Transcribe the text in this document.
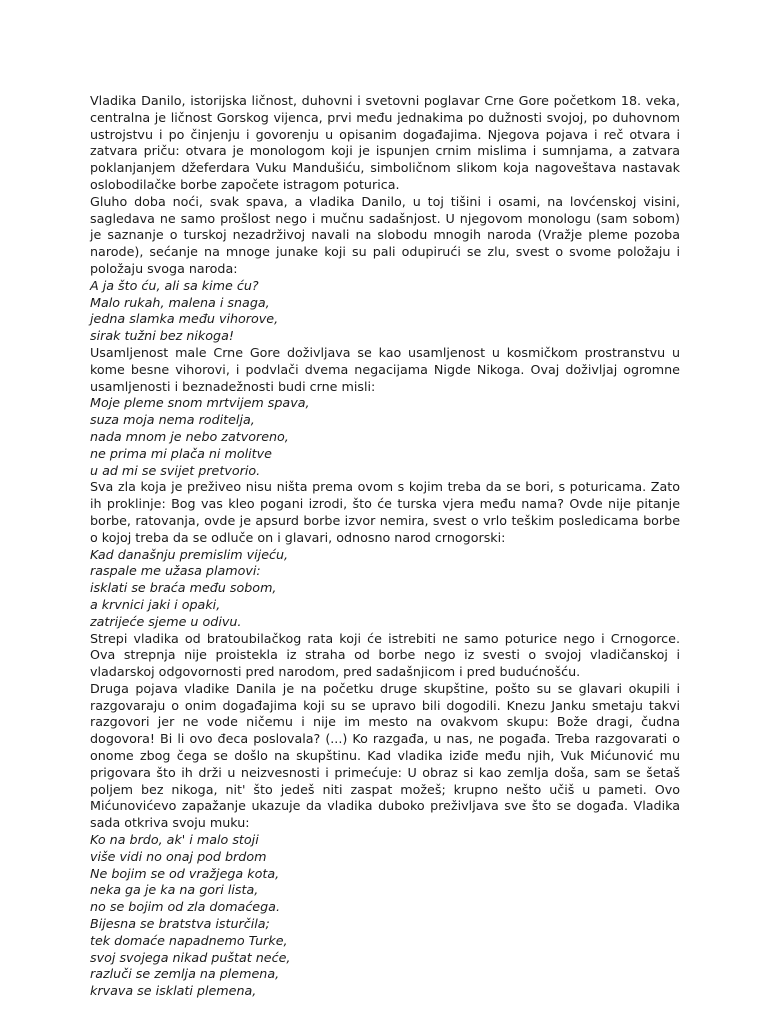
Vladika Danilo, istorijska ličnost, duhovni i svetovni poglavar Crne Gore početkom 18. veka, centralna je ličnost Gorskog vijenca, prvi među jednakima po dužnosti svojoj, po duhovnom ustrojstvu i po činjenju i govorenju u opisanim događajima. Njegova pojava i reč otvara i zatvara priču: otvara je monologom koji je ispunjen crnim mislima i sumnjama, a zatvara poklanjanjem džeferdara Vuku Mandušiću, simboličnom slikom koja nagoveštava nastavak oslobodilačke borbe započete istragom poturica.

Gluho doba noći, svak spava, a vladika Danilo, u toj tišini i osami, na lovćenskoj visini, sagledava ne samo prošlost nego i mučnu sadašnjost. U njegovom monologu (sam sobom) je saznanje o turskoj nezadrživoj navali na slobodu mnogih naroda (Vražje pleme pozoba narode), sećanje na mnoge junake koji su pali odupirući se zlu, svest o svome položaju i položaju svoga naroda:

A ja što ću, ali sa kime ću?
Malo rukah, malena i snaga,
jedna slamka među vihorove,
sirak tužni bez nikoga!

Usamljenost male Crne Gore doživljava se kao usamljenost u kosmičkom prostranstvu u kome besne vihorovi, i podvlači dvema negacijama Nigde Nikoga. Ovaj doživljaj ogromne usamljenosti i beznadežnosti budi crne misli:

Moje pleme snom mrtvijem spava,
suza moja nema roditelja,
nada mnom je nebo zatvoreno,
ne prima mi plača ni molitve
u ad mi se svijet pretvorio.

Sva zla koja je preživeo nisu ništa prema ovom s kojim treba da se bori, s poturicama. Zato ih proklinje: Bog vas kleo pogani izrodi, što će turska vjera među nama? Ovde nije pitanje borbe, ratovanja, ovde je apsurd borbe izvor nemira, svest o vrlo teškim posledicama borbe o kojoj treba da se odluče on i glavari, odnosno narod crnogorski:

Kad današnju premislim vijeću,
raspale me užasa plamovi:
isklati se braća među sobom,
a krvnici jaki i opaki,
zatrijeće sjeme u odivu.

Strepi vladika od bratoubilačkog rata koji će istrebiti ne samo poturice nego i Crnogorce. Ova strepnja nije proistekla iz straha od borbe nego iz svesti o svojoj vladičanskoj i vladarskoj odgovornosti pred narodom, pred sadašnjicom i pred budućnošću.

Druga pojava vladike Danila je na početku druge skupštine, pošto su se glavari okupili i razgovaraju o onim događajima koji su se upravo bili dogodili. Knezu Janku smetaju takvi razgovori jer ne vode ničemu i nije im mesto na ovakvom skupu: Bože dragi, čudna dogovora! Bi li ovo đeca poslovala? (...) Ko razgađa, u nas, ne pogađa. Treba razgovarati o onome zbog čega se došlo na skupštinu. Kad vladika iziđe među njih, Vuk Mićunović mu prigovara što ih drži u neizvesnosti i primećuje: U obraz si kao zemlja došа, sam se šetaš poljem bez nikoga, nit' što jedeš niti zaspat možeš; krupno nešto učiš u pameti. Ovo Mićunovićevo zapažanje ukazuje da vladika duboko preživljava sve što se događa. Vladika sada otkriva svoju muku:

Ko na brdo, ak' i malo stoji
više vidi no onaj pod brdom
Ne bojim se od vražjega kota,
neka ga je ka na gori lista,
no se bojim od zla domaćega.
Bijesna se bratstva isturčila;
tek domaće napadnemo Turke,
svoj svojega nikad puštat neće,
razluči se zemlja na plemena,
krvava se isklati plemena,
